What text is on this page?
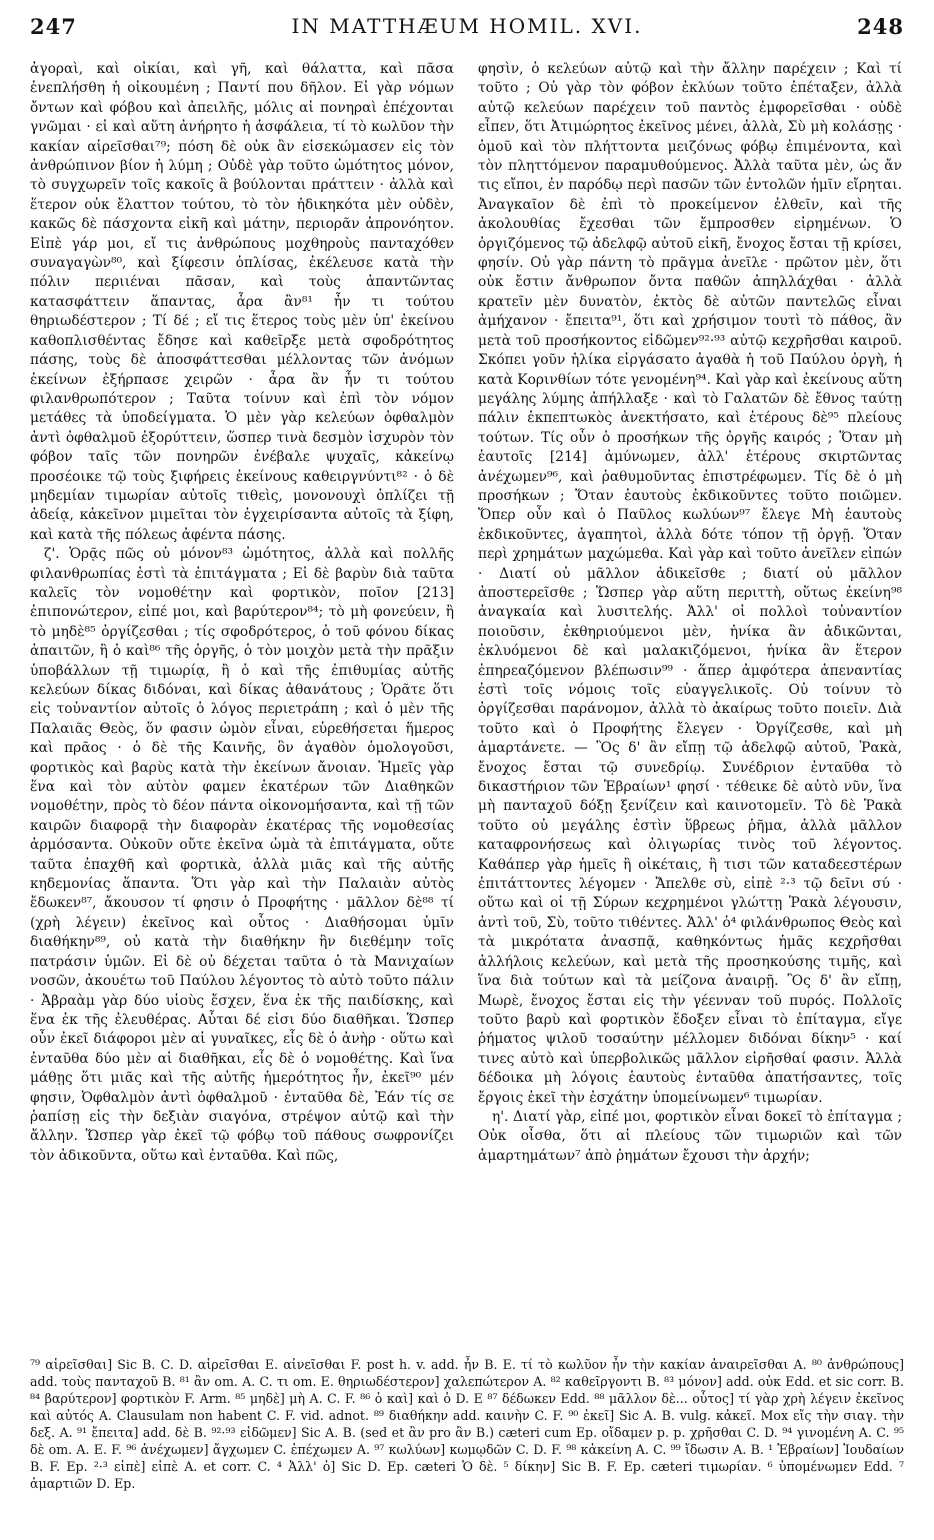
247	IN MATTHÆUM HOMIL. XVI.	248

ἀγοραὶ, καὶ οἰκίαι, καὶ γῆ, καὶ θάλαττα, καὶ πᾶσα ἐνεπλήσθη ἡ οἰκουμένη ; Παντί που δῆλον. Εἰ γὰρ νόμων ὄντων καὶ φόβου καὶ ἀπειλῆς, μόλις αἱ πονηραὶ ἐπέχονται γνῶμαι · εἰ καὶ αὕτη ἀνήρητο ἡ ἀσφάλεια, τί τὸ κωλῦον τὴν κακίαν αἱρεῖσθαι⁷⁹; πόση δὲ οὐκ ἂν εἰσεκώμασεν εἰς τὸν ἀνθρώπινον βίον ἡ λύμη ; Οὐδὲ γὰρ τοῦτο ὠμότητος μόνον, τὸ συγχωρεῖν τοῖς κακοῖς ἃ βούλονται πράττειν · ἀλλὰ καὶ ἕτερον οὐκ ἔλαττον τούτου, τὸ τὸν ἠδικηκότα μὲν οὐδὲν, κακῶς δὲ πάσχοντα εἰκῆ καὶ μάτην, περιορᾶν ἀπρονόητον. Εἰπὲ γάρ μοι, εἴ τις ἀνθρώπους μοχθηροὺς πανταχόθεν συναγαγὼν⁸⁰, καὶ ξίφεσιν ὁπλίσας, ἐκέλευσε κατὰ τὴν πόλιν περιιέναι πᾶσαν, καὶ τοὺς ἀπαντῶντας κατασφάττειν ἅπαντας, ἆρα ἂν⁸¹ ἦν τι τούτου θηριωδέστερον ; Τί δέ ; εἴ τις ἕτερος τοὺς μὲν ὑπ' ἐκείνου καθοπλισθέντας ἔδησε καὶ καθεῖρξε μετὰ σφοδρότητος πάσης, τοὺς δὲ ἀποσφάττεσθαι μέλλοντας τῶν ἀνόμων ἐκείνων ἐξήρπασε χειρῶν · ἆρα ἂν ἦν τι τούτου φιλανθρωπότερον ; Ταῦτα τοίνυν καὶ ἐπὶ τὸν νόμον μετάθες τὰ ὑποδείγματα. Ὁ μὲν γὰρ κελεύων ὀφθαλμὸν ἀντὶ ὀφθαλμοῦ ἐξορύττειν, ὥσπερ τινὰ δεσμὸν ἰσχυρὸν τὸν φόβον ταῖς τῶν πονηρῶν ἐνέβαλε ψυχαῖς, κἀκείνῳ προσέοικε τῷ τοὺς ξιφήρεις ἐκείνους καθειργνύντι⁸² · ὁ δὲ μηδεμίαν τιμωρίαν αὐτοῖς τιθεὶς, μονονουχὶ ὁπλίζει τῇ ἀδείᾳ, κἀκεῖνον μιμεῖται τὸν ἐγχειρίσαντα αὐτοῖς τὰ ξίφη, καὶ κατὰ τῆς πόλεως ἀφέντα πάσης.

ζ'. Ὁρᾷς πῶς οὐ μόνον⁸³ ὠμότητος, ἀλλὰ καὶ πολλῆς φιλανθρωπίας ἐστὶ τὰ ἐπιτάγματα ; Εἰ δὲ βαρὺν διὰ ταῦτα καλεῖς τὸν νομοθέτην καὶ φορτικὸν, ποῖον [213] ἐπιπονώτερον, εἰπέ μοι, καὶ βαρύτερον⁸⁴; τὸ μὴ φονεύειν, ἢ τὸ μηδὲ⁸⁵ ὀργίζεσθαι ; τίς σφοδρότερος, ὁ τοῦ φόνου δίκας ἀπαιτῶν, ἢ ὁ καὶ⁸⁶ τῆς ὀργῆς, ὁ τὸν μοιχὸν μετὰ τὴν πρᾶξιν ὑποβάλλων τῇ τιμωρίᾳ, ἢ ὁ καὶ τῆς ἐπιθυμίας αὐτῆς κελεύων δίκας διδόναι, καὶ δίκας ἀθανάτους ; Ὁρᾶτε ὅτι εἰς τοὐναντίον αὐτοῖς ὁ λόγος περιετράπη ; καὶ ὁ μὲν τῆς Παλαιᾶς Θεὸς, ὅν φασιν ὠμὸν εἶναι, εὑρεθήσεται ἥμερος καὶ πρᾶος · ὁ δὲ τῆς Καινῆς, ὃν ἀγαθὸν ὁμολογοῦσι, φορτικὸς καὶ βαρὺς κατὰ τὴν ἐκείνων ἄνοιαν. Ἡμεῖς γὰρ ἕνα καὶ τὸν αὐτὸν φαμεν ἑκατέρων τῶν Διαθηκῶν νομοθέτην, πρὸς τὸ δέον πάντα οἰκονομήσαντα, καὶ τῇ τῶν καιρῶν διαφορᾷ τὴν διαφορὰν ἑκατέρας τῆς νομοθεσίας ἁρμόσαντα. Οὐκοῦν οὔτε ἐκεῖνα ὠμὰ τὰ ἐπιτάγματα, οὔτε ταῦτα ἐπαχθῆ καὶ φορτικὰ, ἀλλὰ μιᾶς καὶ τῆς αὐτῆς κηδεμονίας ἅπαντα. Ὅτι γὰρ καὶ τὴν Παλαιὰν αὐτὸς ἔδωκεν⁸⁷, ἄκουσον τί φησιν ὁ Προφήτης · μᾶλλον δὲ⁸⁸ τί (χρὴ λέγειν) ἐκεῖνος καὶ οὗτος · Διαθήσομαι ὑμῖν διαθήκην⁸⁹, οὐ κατὰ τὴν διαθήκην ἣν διεθέμην τοῖς πατράσιν ὑμῶν. Εἰ δὲ οὐ δέχεται ταῦτα ὁ τὰ Μανιχαίων νοσῶν, ἀκουέτω τοῦ Παύλου λέγοντος τὸ αὐτὸ τοῦτο πάλιν · Ἀβραὰμ γὰρ δύο υἱοὺς ἔσχεν, ἕνα ἐκ τῆς παιδίσκης, καὶ ἕνα ἐκ τῆς ἐλευθέρας. Αὗται δέ εἰσι δύο διαθῆκαι. Ὥσπερ οὖν ἐκεῖ διάφοροι μὲν αἱ γυναῖκες, εἷς δὲ ὁ ἀνὴρ · οὕτω καὶ ἐνταῦθα δύο μὲν αἱ διαθῆκαι, εἷς δὲ ὁ νομοθέτης. Καὶ ἵνα μάθῃς ὅτι μιᾶς καὶ τῆς αὐτῆς ἡμερότητος ἦν, ἐκεῖ⁹⁰ μέν φησιν, Ὀφθαλμὸν ἀντὶ ὀφθαλμοῦ · ἐνταῦθα δὲ, Ἐάν τίς σε ῥαπίσῃ εἰς τὴν δεξιὰν σιαγόνα, στρέψον αὐτῷ καὶ τὴν ἄλλην. Ὥσπερ γὰρ ἐκεῖ τῷ φόβῳ τοῦ πάθους σωφρονίζει τὸν ἀδικοῦντα, οὕτω καὶ ἐνταῦθα. Καὶ πῶς,

φησὶν, ὁ κελεύων αὐτῷ καὶ τὴν ἄλλην παρέχειν ; Καὶ τί τοῦτο ; Οὐ γὰρ τὸν φόβον ἐκλύων τοῦτο ἐπέταξεν, ἀλλὰ αὐτῷ κελεύων παρέχειν τοῦ παντὸς ἐμφορεῖσθαι · οὐδὲ εἶπεν, ὅτι Ἀτιμώρητος ἐκεῖνος μένει, ἀλλὰ, Σὺ μὴ κολάσῃς · ὁμοῦ καὶ τὸν πλήττοντα μειζόνως φόβῳ ἐπιμένοντα, καὶ τὸν πληττόμενον παραμυθούμενος. Ἀλλὰ ταῦτα μὲν, ὡς ἄν τις εἴποι, ἐν παρόδῳ περὶ πασῶν τῶν ἐντολῶν ἡμῖν εἴρηται. Ἀναγκαῖον δὲ ἐπὶ τὸ προκείμενον ἐλθεῖν, καὶ τῆς ἀκολουθίας ἔχεσθαι τῶν ἔμπροσθεν εἰρημένων. Ὁ ὀργιζόμενος τῷ ἀδελφῷ αὐτοῦ εἰκῆ, ἔνοχος ἔσται τῇ κρίσει, φησίν. Οὐ γὰρ πάντη τὸ πρᾶγμα ἀνεῖλε · πρῶτον μὲν, ὅτι οὐκ ἔστιν ἄνθρωπον ὄντα παθῶν ἀπηλλάχθαι · ἀλλὰ κρατεῖν μὲν δυνατὸν, ἐκτὸς δὲ αὐτῶν παντελῶς εἶναι ἀμήχανον · ἔπειτα⁹¹, ὅτι καὶ χρήσιμον τουτὶ τὸ πάθος, ἂν μετὰ τοῦ προσήκοντος εἰδῶμεν⁹²·⁹³ αὐτῷ κεχρῆσθαι καιροῦ. Σκόπει γοῦν ἡλίκα εἰργάσατο ἀγαθὰ ἡ τοῦ Παύλου ὀργὴ, ἡ κατὰ Κορινθίων τότε γενομένη⁹⁴. Καὶ γὰρ καὶ ἐκείνους αὕτη μεγάλης λύμης ἀπήλλαξε · καὶ τὸ Γαλατῶν δὲ ἔθνος ταύτῃ πάλιν ἐκπεπτωκὸς ἀνεκτήσατο, καὶ ἑτέρους δὲ⁹⁵ πλείους τούτων. Τίς οὖν ὁ προσήκων τῆς ὀργῆς καιρός ; Ὅταν μὴ ἑαυτοῖς [214] ἀμύνωμεν, ἀλλ' ἑτέρους σκιρτῶντας ἀνέχωμεν⁹⁶, καὶ ῥαθυμοῦντας ἐπιστρέφωμεν. Τίς δὲ ὁ μὴ προσήκων ; Ὅταν ἑαυτοὺς ἐκδικοῦντες τοῦτο ποιῶμεν. Ὅπερ οὖν καὶ ὁ Παῦλος κωλύων⁹⁷ ἔλεγε Μὴ ἑαυτοὺς ἐκδικοῦντες, ἀγαπητοὶ, ἀλλὰ δότε τόπον τῇ ὀργῇ. Ὅταν περὶ χρημάτων μαχώμεθα. Καὶ γὰρ καὶ τοῦτο ἀνεῖλεν εἰπών · Διατί οὐ μᾶλλον ἀδικεῖσθε ; διατί οὐ μᾶλλον ἀποστερεῖσθε ; Ὥσπερ γὰρ αὕτη περιττὴ, οὕτως ἐκείνη⁹⁸ ἀναγκαία καὶ λυσιτελής. Ἀλλ' οἱ πολλοὶ τοὐναντίον ποιοῦσιν, ἐκθηριούμενοι μὲν, ἡνίκα ἂν ἀδικῶνται, ἐκλυόμενοι δὲ καὶ μαλακιζόμενοι, ἡνίκα ἂν ἕτερον ἐπηρεαζόμενον βλέπωσιν⁹⁹ · ἅπερ ἀμφότερα ἀπεναντίας ἐστὶ τοῖς νόμοις τοῖς εὐαγγελικοῖς. Οὐ τοίνυν τὸ ὀργίζεσθαι παράνομον, ἀλλὰ τὸ ἀκαίρως τοῦτο ποιεῖν. Διὰ τοῦτο καὶ ὁ Προφήτης ἔλεγεν · Ὀργίζεσθε, καὶ μὴ ἁμαρτάνετε. — Ὃς δ' ἂν εἴπῃ τῷ ἀδελφῷ αὐτοῦ, Ῥακὰ, ἔνοχος ἔσται τῷ συνεδρίῳ. Συνέδριον ἐνταῦθα τὸ δικαστήριον τῶν Ἑβραίων¹ φησί · τέθεικε δὲ αὐτὸ νῦν, ἵνα μὴ πανταχοῦ δόξῃ ξενίζειν καὶ καινοτομεῖν. Τὸ δὲ Ῥακὰ τοῦτο οὐ μεγάλης ἐστὶν ὕβρεως ῥῆμα, ἀλλὰ μᾶλλον καταφρονήσεως καὶ ὀλιγωρίας τινὸς τοῦ λέγοντος. Καθάπερ γὰρ ἡμεῖς ἢ οἰκέταις, ἢ τισι τῶν καταδεεστέρων ἐπιτάττοντες λέγομεν · Ἄπελθε σὺ, εἰπὲ ²·³ τῷ δεῖνι σύ · οὕτω καὶ οἱ τῇ Σύρων κεχρημένοι γλώττῃ Ῥακὰ λέγουσιν, ἀντὶ τοῦ, Σὺ, τοῦτο τιθέντες. Ἀλλ' ὁ⁴ φιλάνθρωπος Θεὸς καὶ τὰ μικρότατα ἀνασπᾷ, καθηκόντως ἡμᾶς κεχρῆσθαι ἀλλήλοις κελεύων, καὶ μετὰ τῆς προσηκούσης τιμῆς, καὶ ἵνα διὰ τούτων καὶ τὰ μείζονα ἀναιρῇ. Ὃς δ' ἂν εἴπῃ, Μωρὲ, ἔνοχος ἔσται εἰς τὴν γέενναν τοῦ πυρός. Πολλοῖς τοῦτο βαρὺ καὶ φορτικὸν ἔδοξεν εἶναι τὸ ἐπίταγμα, εἴγε ῥήματος ψιλοῦ τοσαύτην μέλλομεν διδόναι δίκην⁵ · καί τινες αὐτὸ καὶ ὑπερβολικῶς μᾶλλον εἰρῆσθαί φασιν. Ἀλλὰ δέδοικα μὴ λόγοις ἑαυτοὺς ἐνταῦθα ἀπατήσαντες, τοῖς ἔργοις ἐκεῖ τὴν ἐσχάτην ὑπομείνωμεν⁶ τιμωρίαν.

η'. Διατί γὰρ, εἰπέ μοι, φορτικὸν εἶναι δοκεῖ τὸ ἐπίταγμα ; Οὐκ οἶσθα, ὅτι αἱ πλείους τῶν τιμωριῶν καὶ τῶν ἁμαρτημάτων⁷ ἀπὸ ῥημάτων ἔχουσι τὴν ἀρχήν;

⁷⁹ αἱρεῖσθαι] Sic B. C. D. αἱρεῖσθαι E. αἰνεῖσθαι F. post h. v. add. ἦν B. E. τί τὸ κωλῦον ἦν τὴν κακίαν ἀναιρεῖσθαι A. ⁸⁰ ἀνθρώπους] add. τοὺς πανταχοῦ B. ⁸¹ ἂν om. A. C. τι om. E. θηριωδέστερον] χαλεπώτερον A. ⁸² καθεῖργοντι B. ⁸³ μόνον] add. οὐκ Edd. et sic corr. B. ⁸⁴ βαρύτερον] φορτικὸν F. Arm. ⁸⁵ μηδὲ] μὴ A. C. F. ⁸⁶ ὁ καὶ] καὶ ὁ D. E ⁸⁷ δέδωκεν Edd. ⁸⁸ μᾶλλον δὲ... οὗτος] τί γὰρ χρὴ λέγειν ἐκεῖνος καὶ αὐτός A. Clausulam non habent C. F. vid. adnot. ⁸⁹ διαθήκην add. καινὴν C. F. ⁹⁰ ἐκεῖ] Sic A. B. vulg. κἀκεῖ. Mox εἴς τὴν σιαγ. τὴν δεξ. A. ⁹¹ ἔπειτα] add. δὲ B. ⁹²·⁹³ εἰδῶμεν] Sic A. B. (sed et ἂν pro ἂν B.) cæteri cum Ep. οἴδαμεν p. p. χρῆσθαι C. D. ⁹⁴ γινομένη A. C. ⁹⁵ δὲ om. A. E. F. ⁹⁶ ἀνέχωμεν] ἄγχωμεν C. ἐπέχωμεν A. ⁹⁷ κωλύων] κωμῳδῶν C. D. F. ⁹⁸ κἀκείνη A. C. ⁹⁹ ἴδωσιν A. B. ¹ Ἑβραίων] Ἰουδαίων B. F. Ep. ²·³ εἰπὲ] εἰπὲ A. et corr. C. ⁴ Ἀλλ' ὁ] Sic D. Ep. cæteri Ὁ δὲ. ⁵ δίκην] Sic B. F. Ep. cæteri τιμωρίαν. ⁶ ὑπομένωμεν Edd. ⁷ ἁμαρτιῶν D. Ep.
